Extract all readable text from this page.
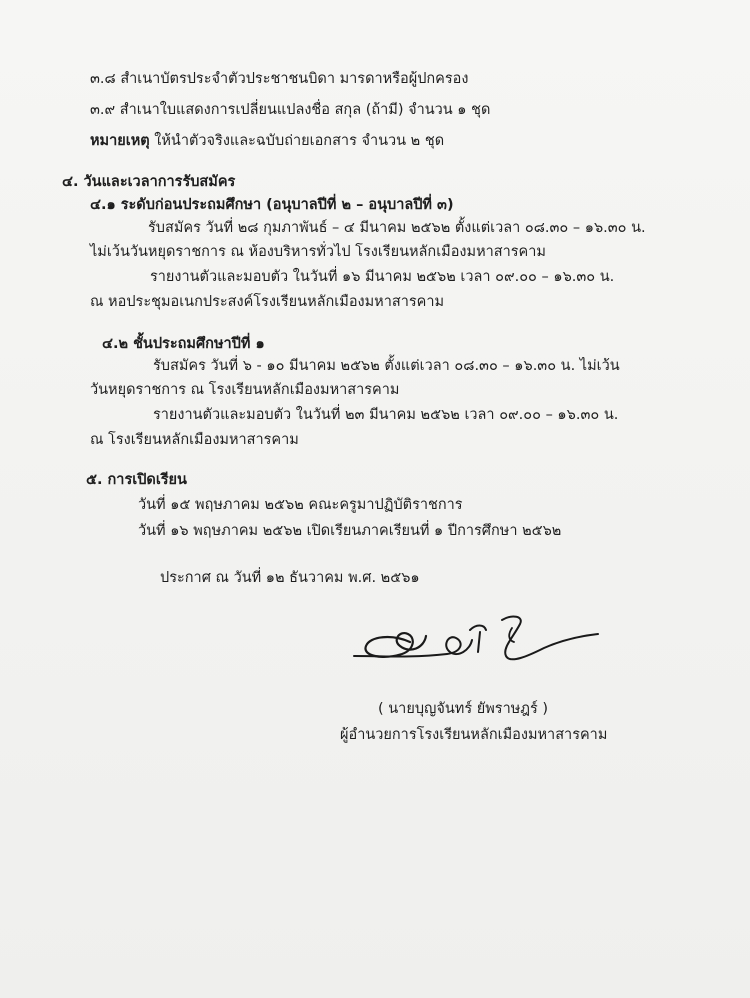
๓.๘ สำเนาบัตรประจำตัวประชาชนบิดา มารดาหรือผู้ปกครอง
๓.๙ สำเนาใบแสดงการเปลี่ยนแปลงชื่อ สกุล (ถ้ามี) จำนวน ๑ ชุด
หมายเหตุ ให้นำตัวจริงและฉบับถ่ายเอกสาร จำนวน ๒ ชุด
๔. วันและเวลาการรับสมัคร
๔.๑ ระดับก่อนประถมศึกษา (อนุบาลปีที่ ๒ – อนุบาลปีที่ ๓)
รับสมัคร วันที่ ๒๘ กุมภาพันธ์ – ๔ มีนาคม ๒๕๖๒ ตั้งแต่เวลา ๐๘.๓๐ – ๑๖.๓๐ น.
ไม่เว้นวันหยุดราชการ ณ ห้องบริหารทั่วไป โรงเรียนหลักเมืองมหาสารคาม
รายงานตัวและมอบตัว ในวันที่ ๑๖ มีนาคม ๒๕๖๒ เวลา ๐๙.๐๐ – ๑๖.๓๐ น.
ณ หอประชุมอเนกประสงค์โรงเรียนหลักเมืองมหาสารคาม
๔.๒ ชั้นประถมศึกษาปีที่ ๑
รับสมัคร วันที่ ๖ - ๑๐ มีนาคม ๒๕๖๒ ตั้งแต่เวลา ๐๘.๓๐ – ๑๖.๓๐ น. ไม่เว้น
วันหยุดราชการ ณ โรงเรียนหลักเมืองมหาสารคาม
รายงานตัวและมอบตัว ในวันที่ ๒๓ มีนาคม ๒๕๖๒ เวลา ๐๙.๐๐ – ๑๖.๓๐ น.
ณ โรงเรียนหลักเมืองมหาสารคาม
๕. การเปิดเรียน
วันที่ ๑๕ พฤษภาคม ๒๕๖๒ คณะครูมาปฏิบัติราชการ
วันที่ ๑๖ พฤษภาคม ๒๕๖๒ เปิดเรียนภาคเรียนที่ ๑ ปีการศึกษา ๒๕๖๒
ประกาศ ณ วันที่ ๑๒ ธันวาคม พ.ศ. ๒๕๖๑
( นายบุญจันทร์ ยัพราษฎร์ )
ผู้อำนวยการโรงเรียนหลักเมืองมหาสารคาม
